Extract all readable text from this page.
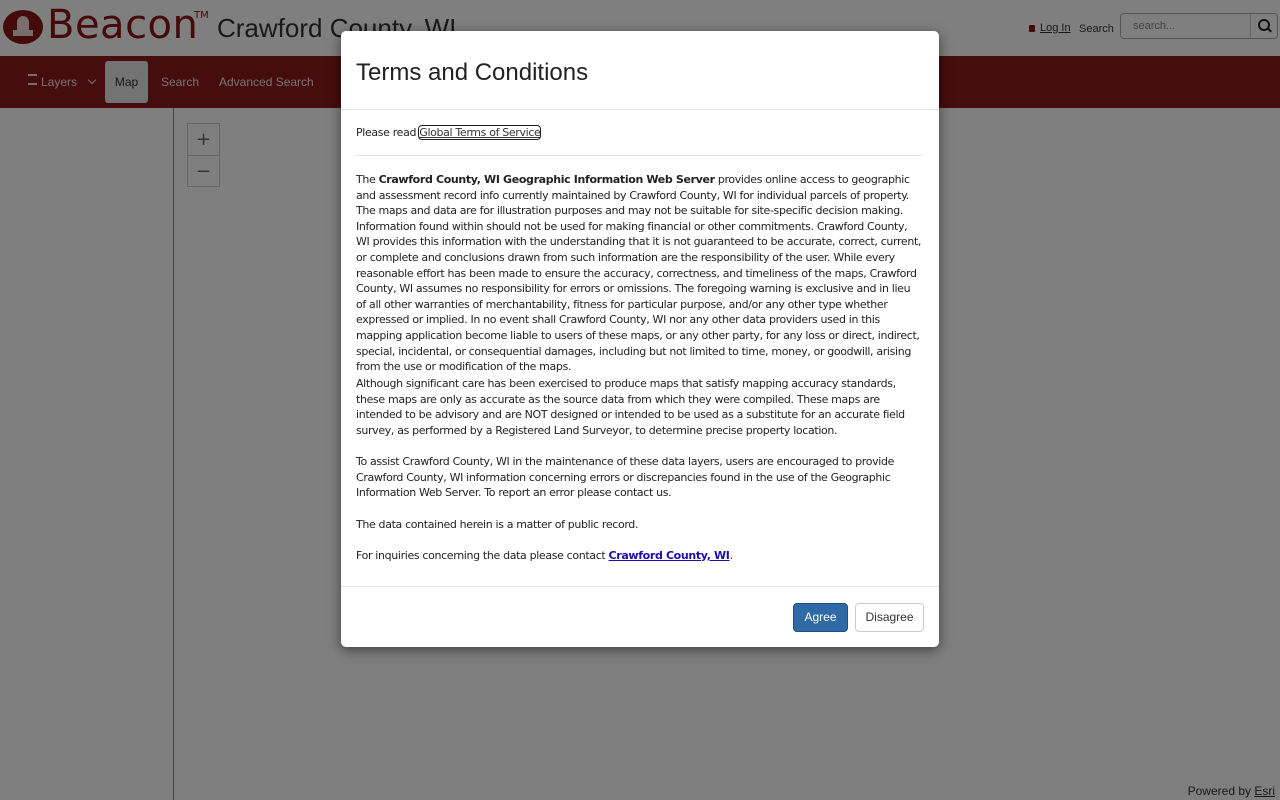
search...
Terms and Conditions

Please read Global Terms of Service

The Crawford County, WI Geographic Information Web Server provides online access to geographic and assessment record info currently maintained by Crawford County, WI for individual parcels of property. The maps and data are for illustration purposes and may not be suitable for site-specific decision making. Information found within should not be used for making financial or other commitments. Crawford County, WI provides this information with the understanding that it is not guaranteed to be accurate, correct, current, or complete and conclusions drawn from such information are the responsibility of the user. While every reasonable effort has been made to ensure the accuracy, correctness, and timeliness of the maps, Crawford County, WI assumes no responsibility for errors or omissions. The foregoing warning is exclusive and in lieu of all other warranties of merchantability, fitness for particular purpose, and/or any other type whether expressed or implied. In no event shall Crawford County, WI nor any other data providers used in this mapping application become liable to users of these maps, or any other party, for any loss or direct, indirect, special, incidental, or consequential damages, including but not limited to time, money, or goodwill, arising from the use or modification of the maps.

Although significant care has been exercised to produce maps that satisfy mapping accuracy standards, these maps are only as accurate as the source data from which they were compiled. These maps are intended to be advisory and are NOT designed or intended to be used as a substitute for an accurate field survey, as performed by a Registered Land Surveyor, to determine precise property location.

To assist Crawford County, WI in the maintenance of these data layers, users are encouraged to provide Crawford County, WI information concerning errors or discrepancies found in the use of the Geographic Information Web Server. To report an error please contact us.

The data contained herein is a matter of public record.

For inquiries concerning the data please contact Crawford County, WI.

Agree	Disagree
